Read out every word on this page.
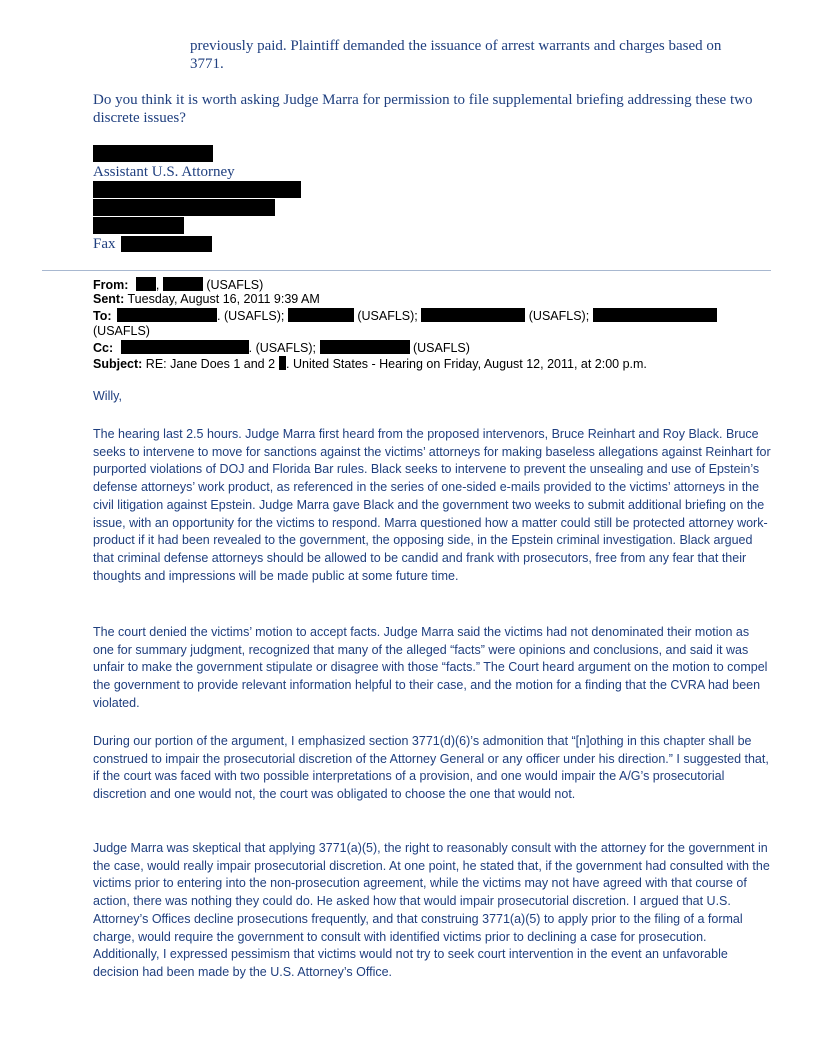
previously paid. Plaintiff demanded the issuance of arrest warrants and charges based on
3771.
Do you think it is worth asking Judge Marra for permission to file supplemental briefing addressing these two discrete issues?
Assistant U.S. Attorney
Fax
From: ,	(USAFLS)
Sent: Tuesday, August 16, 2011 9:39 AM
To:	. (USAFLS);	(USAFLS);	(USAFLS);
(USAFLS)
Cc:	. (USAFLS);	(USAFLS)
Subject: RE: Jane Does 1 and 2 . United States - Hearing on Friday, August 12, 2011, at 2:00 p.m.
Willy,
The hearing last 2.5 hours. Judge Marra first heard from the proposed intervenors, Bruce Reinhart and Roy Black. Bruce seeks to intervene to move for sanctions against the victims’ attorneys for making baseless allegations against Reinhart for purported violations of DOJ and Florida Bar rules. Black seeks to intervene to prevent the unsealing and use of Epstein’s defense attorneys’ work product, as referenced in the series of one-sided e-mails provided to the victims’ attorneys in the civil litigation against Epstein. Judge Marra gave Black and the government two weeks to submit additional briefing on the issue, with an opportunity for the victims to respond. Marra questioned how a matter could still be protected attorney work-product if it had been revealed to the government, the opposing side, in the Epstein criminal investigation. Black argued that criminal defense attorneys should be allowed to be candid and frank with prosecutors, free from any fear that their thoughts and impressions will be made public at some future time.
The court denied the victims’ motion to accept facts. Judge Marra said the victims had not denominated their motion as one for summary judgment, recognized that many of the alleged “facts” were opinions and conclusions, and said it was unfair to make the government stipulate or disagree with those “facts.” The Court heard argument on the motion to compel the government to provide relevant information helpful to their case, and the motion for a finding that the CVRA had been violated.
During our portion of the argument, I emphasized section 3771(d)(6)’s admonition that “[n]othing in this chapter shall be construed to impair the prosecutorial discretion of the Attorney General or any officer under his direction.” I suggested that, if the court was faced with two possible interpretations of a provision, and one would impair the A/G’s prosecutorial discretion and one would not, the court was obligated to choose the one that would not.
Judge Marra was skeptical that applying 3771(a)(5), the right to reasonably consult with the attorney for the government in the case, would really impair prosecutorial discretion. At one point, he stated that, if the government had consulted with the victims prior to entering into the non-prosecution agreement, while the victims may not have agreed with that course of action, there was nothing they could do. He asked how that would impair prosecutorial discretion. I argued that U.S. Attorney’s Offices decline prosecutions frequently, and that construing 3771(a)(5) to apply prior to the filing of a formal charge, would require the government to consult with identified victims prior to declining a case for prosecution. Additionally, I expressed pessimism that victims would not try to seek court intervention in the event an unfavorable decision had been made by the U.S. Attorney’s Office.
